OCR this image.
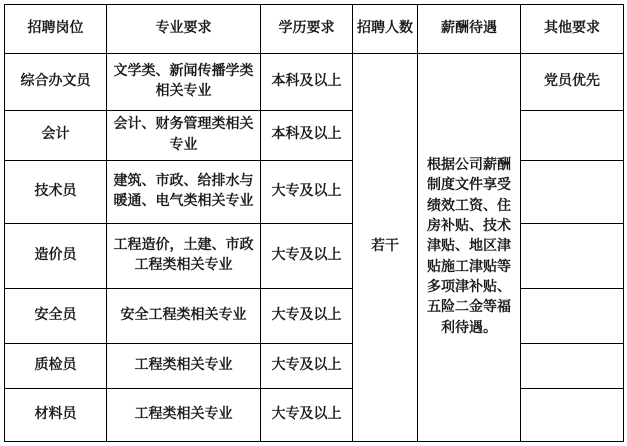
招聘岗位	专业要求	学历要求	招聘人数	薪酬待遇	其他要求
综合办文员	文学类、新闻传播学类相关专业	本科及以上	若干	根据公司薪酬制度文件享受绩效工资、住房补贴、技术津贴、地区津贴施工津贴等多项津补贴、五险二金等福利待遇。	党员优先
会计	会计、财务管理类相关专业	本科及以上			
技术员	建筑、市政、给排水与暖通、电气类相关专业	大专及以上			
造价员	工程造价，土建、市政工程类相关专业	大专及以上			
安全员	安全工程类相关专业	大专及以上			
质检员	工程类相关专业	大专及以上			
材料员	工程类相关专业	大专及以上			
